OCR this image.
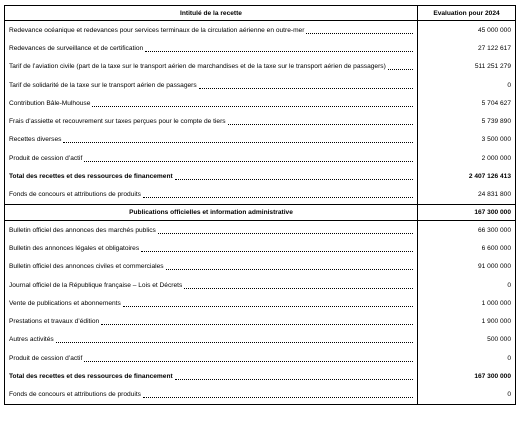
Intitulé de la recette	Evaluation pour 2024

Redevance océanique et redevances pour services terminaux de la circulation aérienne en outre-mer	45 000 000

Redevances de surveillance et de certification	27 122 617

Tarif de l’aviation civile (part de la taxe sur le transport aérien de marchandises et de la taxe sur le transport aérien de passagers)	511 251 279

Tarif de solidarité de la taxe sur le transport aérien de passagers	0

Contribution Bâle-Mulhouse	5 704 627

Frais d’assiette et recouvrement sur taxes perçues pour le compte de tiers	5 739 890

Recettes diverses	3 500 000

Produit de cession d’actif	2 000 000

Total des recettes et des ressources de financement	2 407 126 413

Fonds de concours et attributions de produits	24 831 800
Publications officielles et information administrative	167 300 000

Bulletin officiel des annonces des marchés publics	66 300 000

Bulletin des annonces légales et obligatoires	6 600 000

Bulletin officiel des annonces civiles et commerciales	91 000 000

Journal officiel de la République française – Lois et Décrets	0

Vente de publications et abonnements	1 000 000

Prestations et travaux d’édition	1 900 000

Autres activités	500 000

Produit de cession d’actif	0

Total des recettes et des ressources de financement	167 300 000

Fonds de concours et attributions de produits	0
